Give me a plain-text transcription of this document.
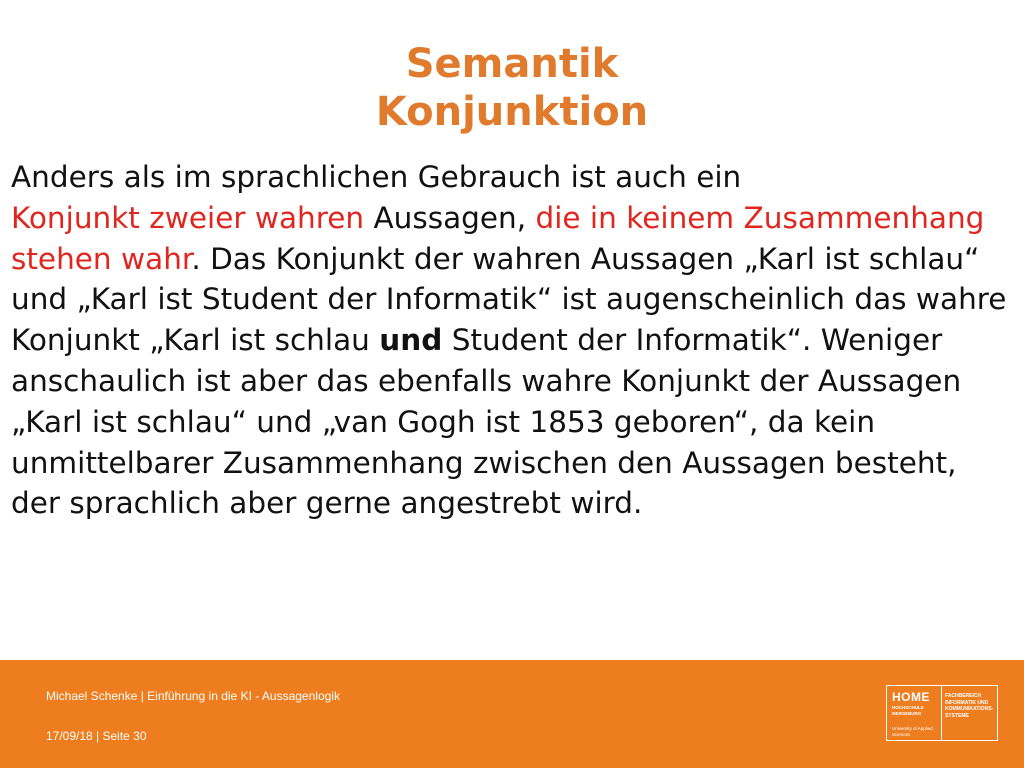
Semantik
Konjunktion
Anders als im sprachlichen Gebrauch ist auch ein
Konjunkt zweier wahren Aussagen, die in keinem Zusammenhang stehen wahr. Das Konjunkt der wahren Aussagen „Karl ist schlau“ und „Karl ist Student der Informatik“ ist augenscheinlich das wahre Konjunkt „Karl ist schlau und Student der Informatik“. Weniger anschaulich ist aber das ebenfalls wahre Konjunkt der Aussagen „Karl ist schlau“ und „van Gogh ist 1853 geboren“, da kein unmittelbarer Zusammenhang zwischen den Aussagen besteht, der sprachlich aber gerne angestrebt wird.
Michael Schenke | Einführung in die KI - Aussagenlogik
17/09/18 | Seite 30
HOME
HOCHSCHULE MERSEBURG
University of Applied Sciences
FACHBEREICH INFORMATIK UND KOMMUNIKATIONS-SYSTEME
